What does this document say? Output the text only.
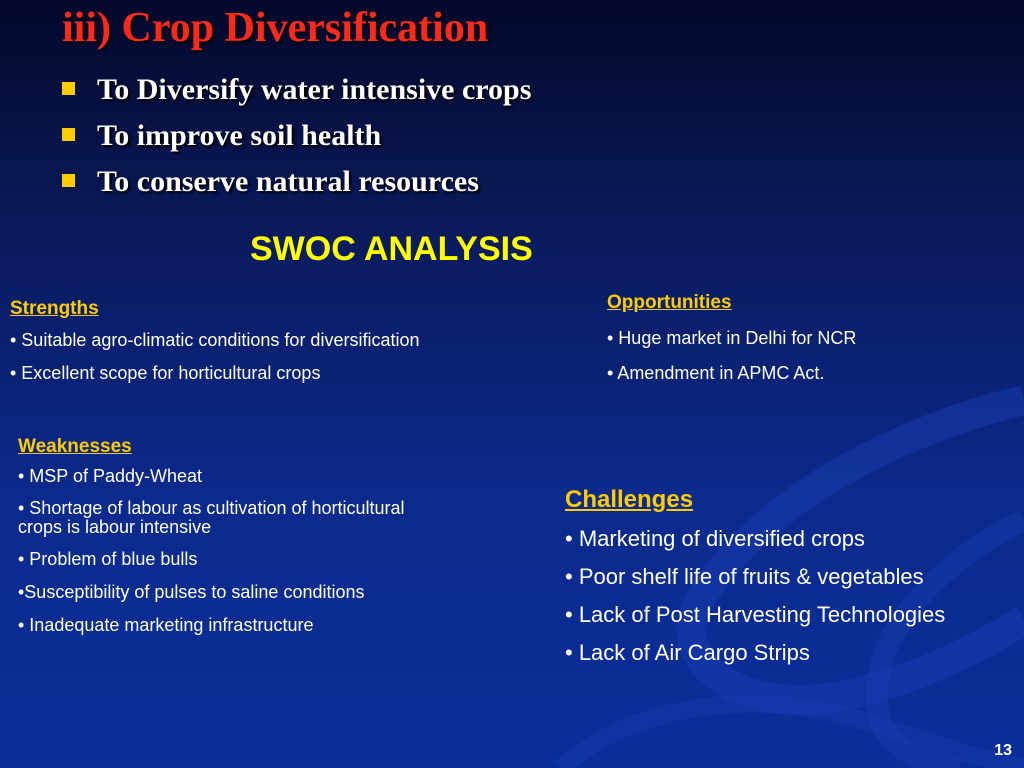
iii) Crop Diversification
To Diversify water intensive crops
To improve soil health
To conserve natural resources
SWOC ANALYSIS
Strengths
• Suitable agro-climatic conditions for diversification
• Excellent scope for horticultural crops
Opportunities
• Huge market in Delhi for NCR
• Amendment in APMC Act.
Weaknesses
• MSP of Paddy-Wheat
• Shortage of labour as cultivation of horticultural crops is labour intensive
• Problem of blue bulls
•Susceptibility of pulses to saline conditions
• Inadequate marketing infrastructure
Challenges
• Marketing of diversified crops
• Poor shelf life of fruits & vegetables
• Lack of Post Harvesting Technologies
• Lack of Air Cargo Strips
13
